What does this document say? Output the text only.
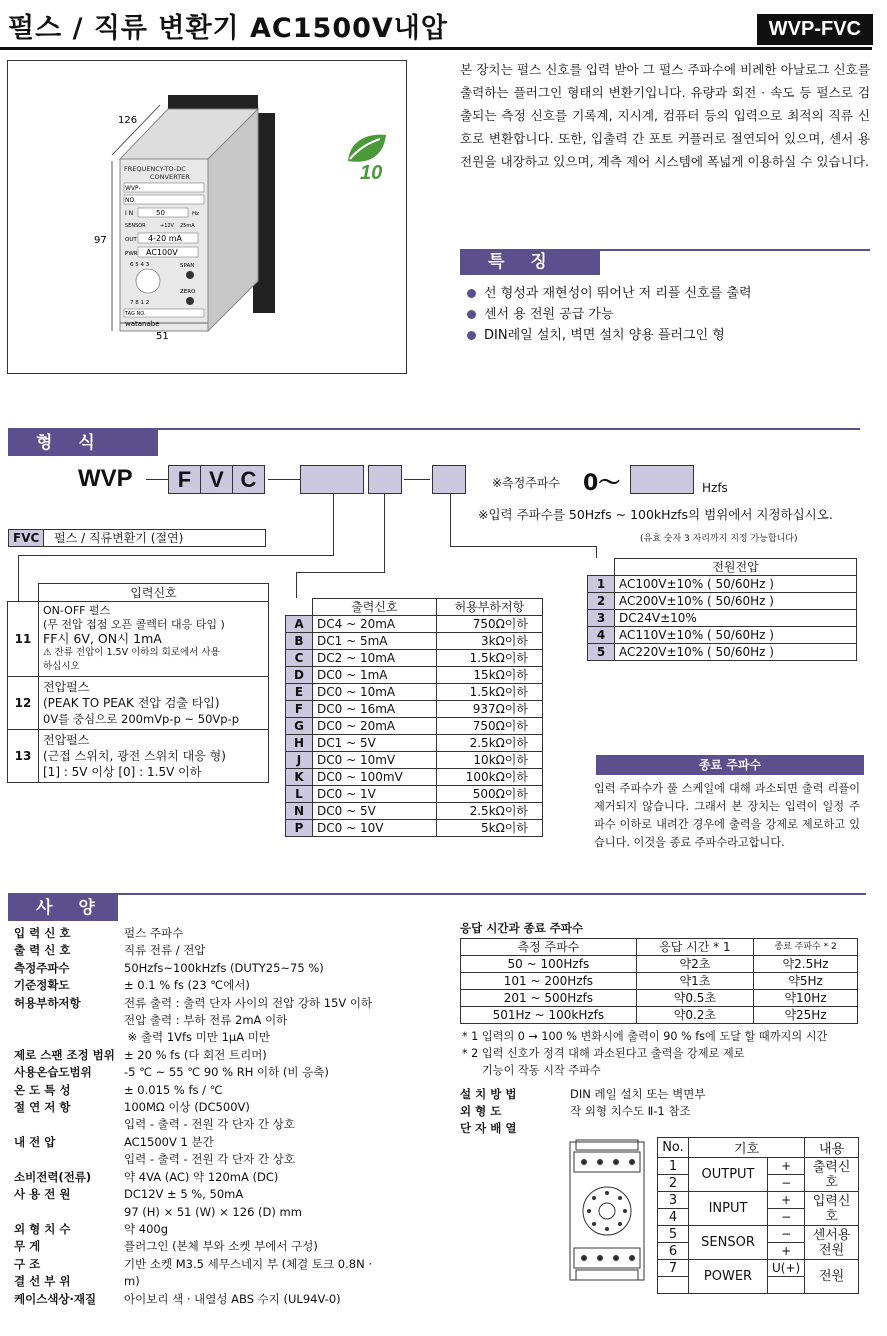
펄스 / 직류 변환기 AC1500V내압	WVP-FVC
10
FREQUENCY-TO-DC
CONVERTER
WVP-
NO.
I N	50	Hz
SENSOR	+12V 25mA
OUT 4-20 mA
PWR AC100V
6 5 4 3
7 8 1 2
SPAN
ZERO
TAG NO.
watanabe
126
97
51
본 장치는 펄스 신호를 입력 받아 그 펄스 주파수에 비례한 아날로그 신호를 출력하는 플러그인 형태의 변환기입니다. 유량과 회전 · 속도 등 펄스로 검출되는 측정 신호를 기록계, 지시계, 컴퓨터 등의 입력으로 최적의 직류 신호로 변환합니다. 또한, 입출력 간 포토 커플러로 절연되어 있으며, 센서 용 전원을 내장하고 있으며, 계측 제어 시스템에 폭넓게 이용하실 수 있습니다.
특 징
선 형성과 재현성이 뛰어난 저 리플 신호를 출력
센서 용 전원 공급 가능
DIN레일 설치, 벽면 설치 양용 플러그인 형
형 식
WVP	F V C	※측정주파수 0～	Hzfs
※입력 주파수를 50Hzfs ~ 100kHzfs의 범위에서 지정하십시오.
(유효 숫자 3 자리까지 지정 가능합니다)
FVC 펄스 / 직류변환기 (절연)
	입력신호
11	ON-OFF 펄스
(무 전압 접점 오픈 콜렉터 대응 타입 )
FF시 6V, ON시 1mA
⚠ 잔류 전압이 1.5V 이하의 회로에서 사용
하십시오

12	전압펄스
(PEAK TO PEAK 전압 검출 타입)
0V를 중심으로 200mVp-p ~ 50Vp-p

13	전압펄스
(근접 스위치, 광전 스위치 대응 형)
[1] : 5V 이상 [0] : 1.5V 이하
	출력신호	허용부하저항
A	DC4 ~ 20mA	750Ω이하
B	DC1 ~ 5mA	3kΩ이하
C	DC2 ~ 10mA	1.5kΩ이하
D	DC0 ~ 1mA	15kΩ이하
E	DC0 ~ 10mA	1.5kΩ이하
F	DC0 ~ 16mA	937Ω이하
G	DC0 ~ 20mA	750Ω이하
H	DC1 ~ 5V	2.5kΩ이하
J	DC0 ~ 10mV	10kΩ이하
K	DC0 ~ 100mV	100kΩ이하
L	DC0 ~ 1V	500Ω이하
N	DC0 ~ 5V	2.5kΩ이하
P	DC0 ~ 10V	5kΩ이하
	전원전압
1	AC100V±10% ( 50/60Hz )
2	AC200V±10% ( 50/60Hz )
3	DC24V±10%
4	AC110V±10% ( 50/60Hz )
5	AC220V±10% ( 50/60Hz )
종료 주파수
입력 주파수가 풀 스케일에 대해 과소되면 출력 리플이 제거되지 않습니다. 그래서 본 장치는 입력이 일정 주파수 이하로 내려간 경우에 출력을 강제로 제로하고 있습니다. 이것을 종료 주파수라고합니다.
사 양
입 력 신 호	펄스 주파수
출 력 신 호	직류 전류 / 전압
측정주파수	50Hzfs~100kHzfs (DUTY25~75 %)
기준정확도	± 0.1 % fs (23 ℃에서)
허용부하저항	전류 출력 : 출력 단자 사이의 전압 강하 15V 이하
전압 출력 : 부하 전류 2mA 이하
※ 출력 1Vfs 미만 1μA 미만
제로 스팬 조정 범위 ± 20 % fs (다 회전 트리머)
사용온습도범위	-5 ℃ ~ 55 ℃ 90 % RH 이하 (비 응축)
온 도 특 성	± 0.015 % fs / ℃
절 연 저 항	100MΩ 이상 (DC500V)
입력 - 출력 - 전원 각 단자 간 상호
내 전 압	AC1500V 1 분간
입력 - 출력 - 전원 각 단자 간 상호
소비전력(전류)	약 4VA (AC) 약 120mA (DC)
사 용 전 원	DC12V ± 5 %, 50mA
97 (H) × 51 (W) × 126 (D) mm
외 형 치 수	약 400g
무 게	플러그인 (본체 부와 소켓 부에서 구성)
구 조	기반 소켓 M3.5 세무스네지 부 (체결 토크 0.8N ·
결 선 부 위	m)
케이스색상·재질 아이보리 색 · 내열성 ABS 수지 (UL94V-0)
응답 시간과 종료 주파수
측정 주파수	응답 시간 * 1	종료 주파수 * 2
50 ~ 100Hzfs	약2초	약2.5Hz
101 ~ 200Hzfs	약1초	약5Hz
201 ~ 500Hzfs	약0.5초	약10Hz
501Hz ~ 100kHzfs	약0.2초	약25Hz
* 1 입력의 0 → 100 % 변화시에 출력이 90 % fs에 도달 할 때까지의 시간
* 2 입력 신호가 정격 대해 과소된다고 출력을 강제로 제로
기능이 작동 시작 주파수
설 치 방 법	DIN 레일 설치 또는 벽면부
외 형 도	작 외형 치수도 Ⅱ-1 참조
단 자 배 열
No.	기호		내용
1	OUTPUT	+	출력신호
2		−	
3	INPUT	+	입력신호
4		−	
5	SENSOR	−	센서용 전원
6		+	
7	POWER	U(+)	전원
